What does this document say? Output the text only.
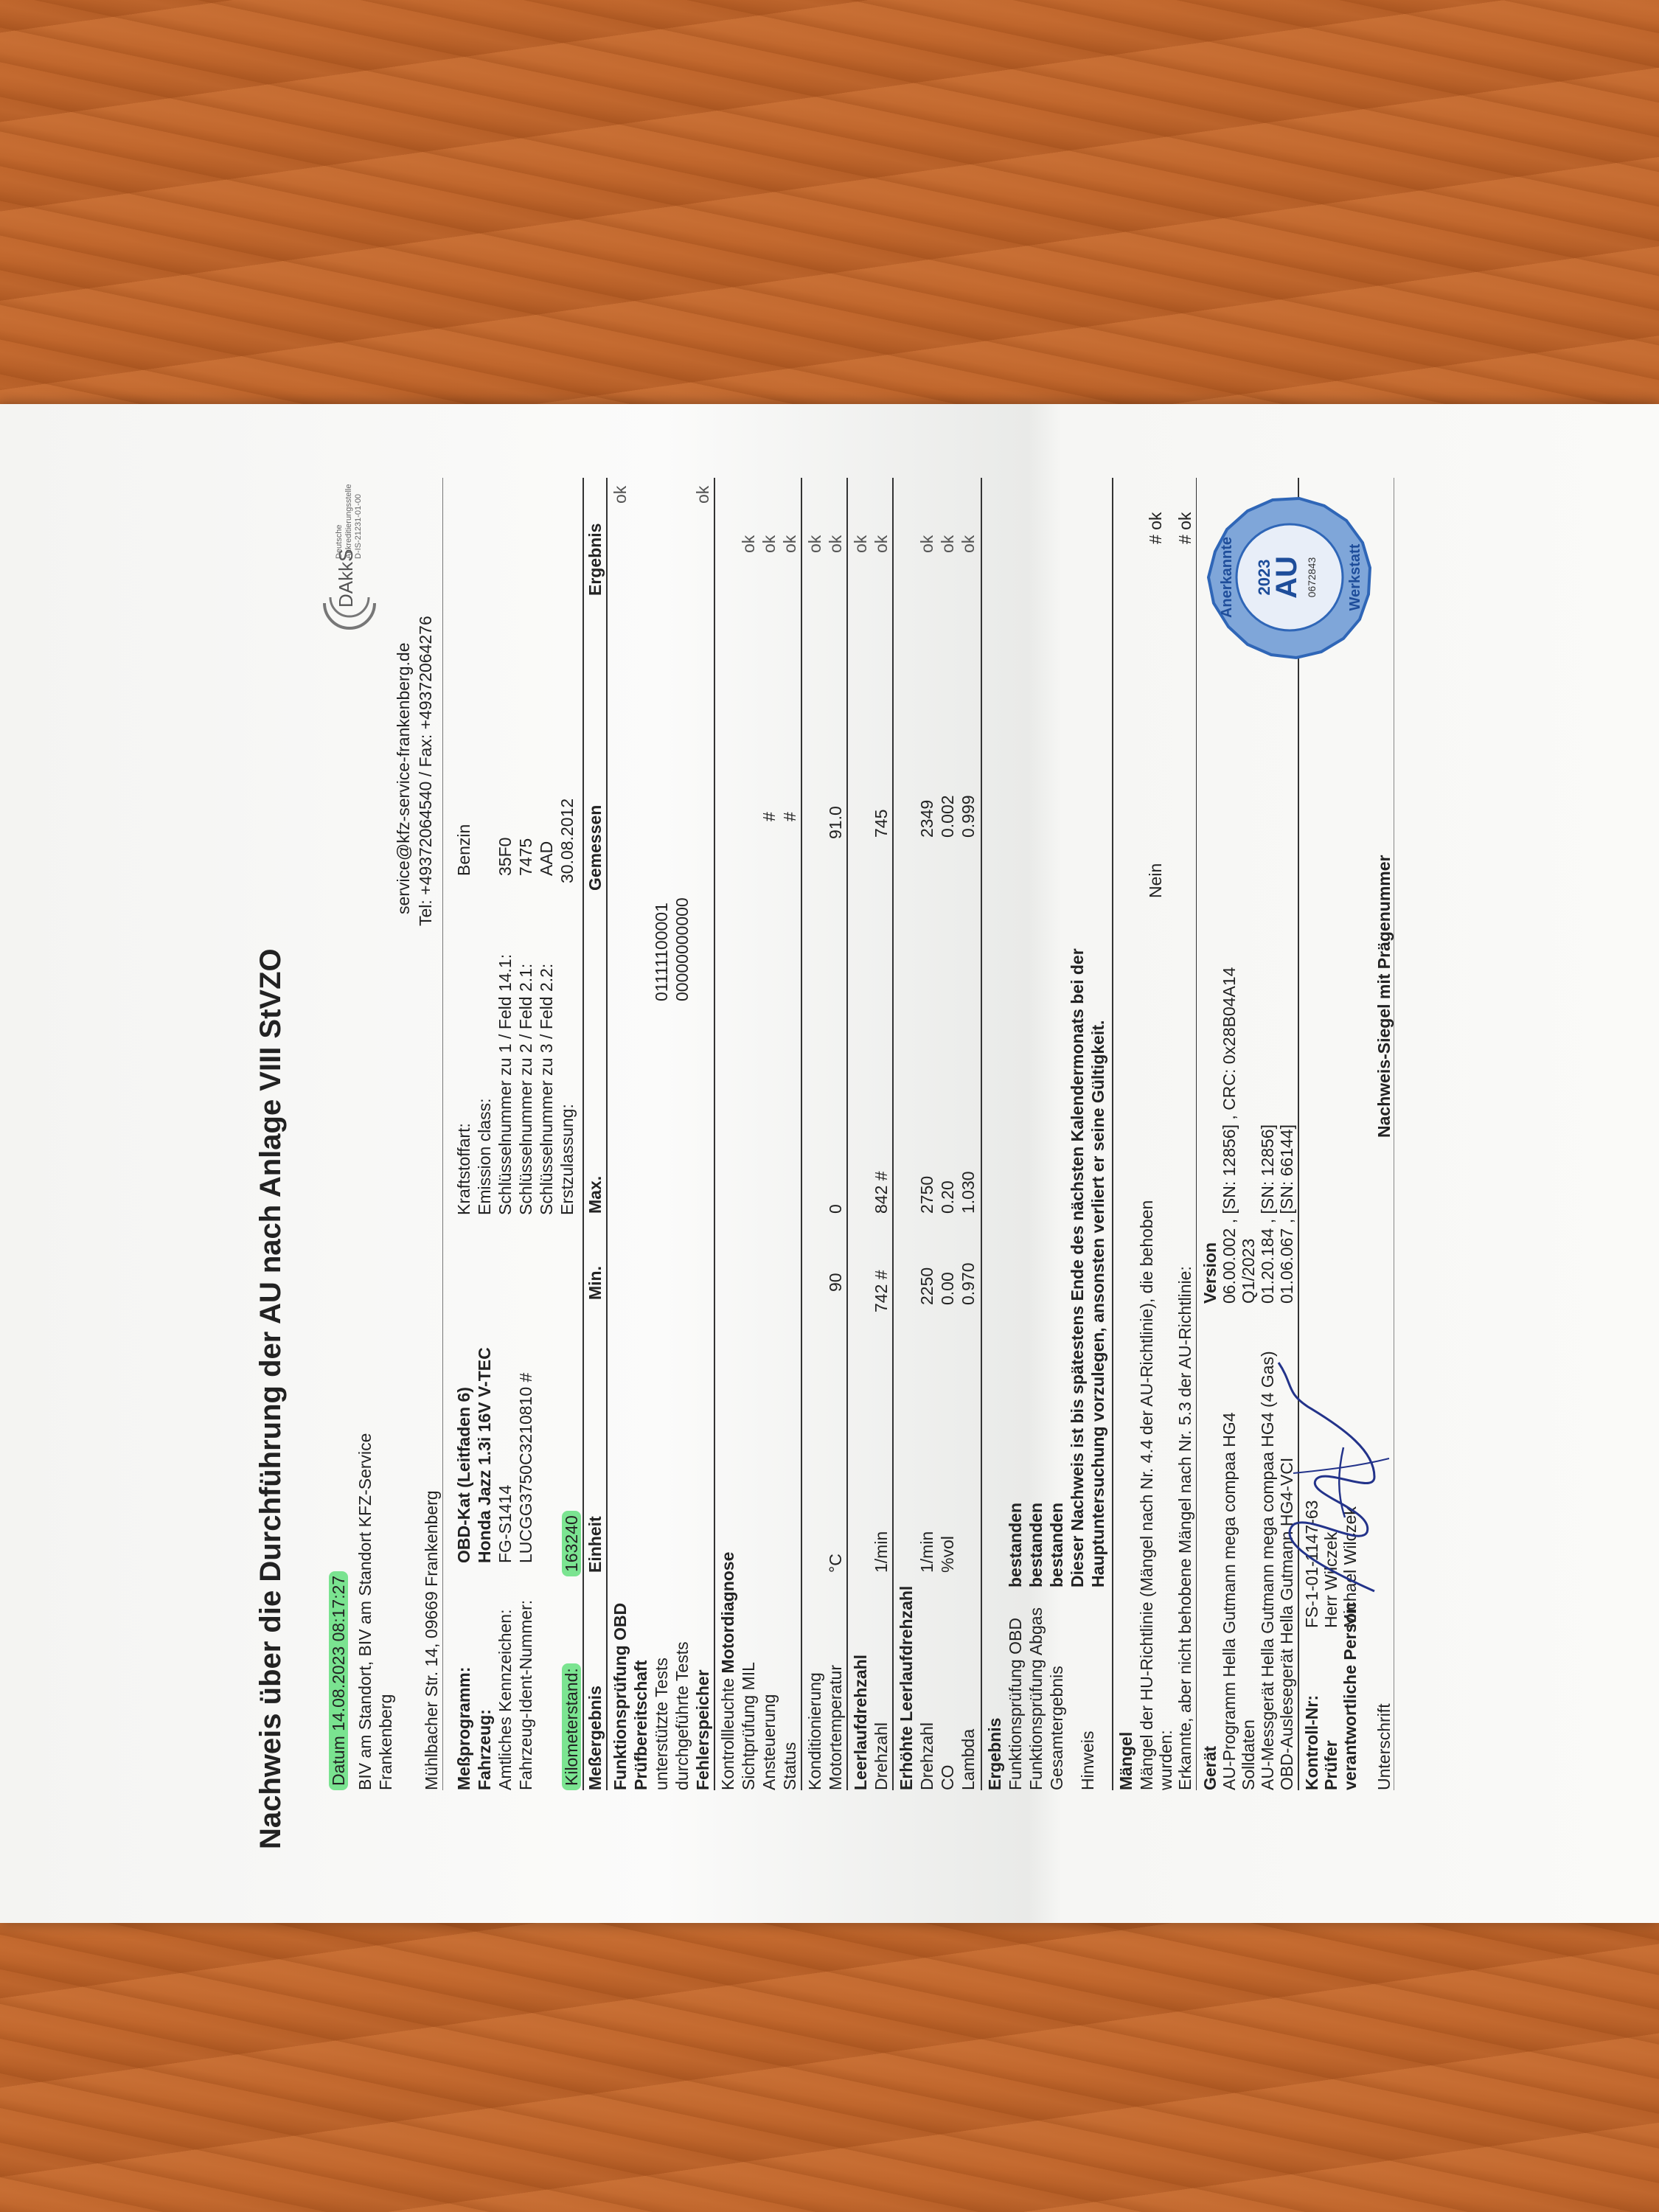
Nachweis über die Durchführung der AU nach Anlage VIII StVZO Datum 14.08.2023 08:17:27 BIV am Standort, BIV am Standort KFZ-Service Frankenberg Mühlbacher Str. 14, 09669 Frankenberg
service@kfz-service-frankenberg.de Tel: +49372064540 / Fax: +49372064276
DAkkS
Deutsche Akkreditierungsstelle D-IS-21231-01-00
Meßprogramm: Fahrzeug: Amtliches Kennzeichen: Fahrzeug-Ident-Nummer: Kilometerstand:
OBD-Kat (Leitfaden 6) Honda Jazz 1.3i 16V V-TEC FG-S1414 LUCGG3750C3210810 # 163240
Kraftstoffart: Emission class: Schlüsselnummer zu 1 / Feld 14.1: Schlüsselnummer zu 2 / Feld 2.1: Schlüsselnummer zu 3 / Feld 2.2: Erstzulassung:
Benzin 35F0 7475 AAD 30.08.2012
Meßergebnis
Einheit
Min.
Max.
Gemessen
Ergebnis
Funktionsprüfung OBD
ok
Prüfbereitschaft unterstützte Tests
01111100001
durchgeführte Tests
00000000000
Fehlerspeicher
ok
Kontrollleuchte Motordiagnose
Sichtprüfung MIL
ok
Ansteuerung
#
ok
Status
#
ok
Konditionierung
ok
Motortemperatur
°C
90
0
91.0
ok
Leerlaufdrehzahl
ok
Drehzahl
1/min
742 #
842 #
745
ok
Erhöhte Leerlaufdrehzahl Drehzahl
1/min
2250
2750
2349
ok
CO
%vol
0.00
0.20
0.002
ok
Lambda
0.970
1.030
0.999
ok
Ergebnis Funktionsprüfung OBD
bestanden
Funktionsprüfung Abgas
bestanden
Gesamtergebnis
bestanden
Hinweis
Dieser Nachweis ist bis spätestens Ende des nächsten Kalendermonats bei der Hauptuntersuchung vorzulegen, ansonsten verliert er seine Gültigkeit.
Mängel Mängel der HU-Richtlinie (Mängel nach Nr. 4.4 der AU-Richtlinie), die behoben wurden:
Nein
# ok
Erkannte, aber nicht behobene Mängel nach Nr. 5.3 der AU-Richtlinie:
# ok
Gerät
Version
AU-Programm Hella Gutmann mega compaa HG4
06.00.002 , [SN: 12856] , CRC: 0x28B04A14
Solldaten
Q1/2023
AU-Messgerät Hella Gutmann mega compaa HG4 (4 Gas)
01.20.184 , [SN: 12856]
OBD-Auslesegerät Hella Gutmann HG4-VCI
01.06.067 , [SN: 66144]
Kontroll-Nr:
FS-1-01-1147-63
Prüfer
Herr Wilczek
verantwortliche Person
Michael Wilczek
Unterschrift
Nachweis-Siegel mit Prägenummer
2023
AU 0672843
Anerkannte	Werkstatt
